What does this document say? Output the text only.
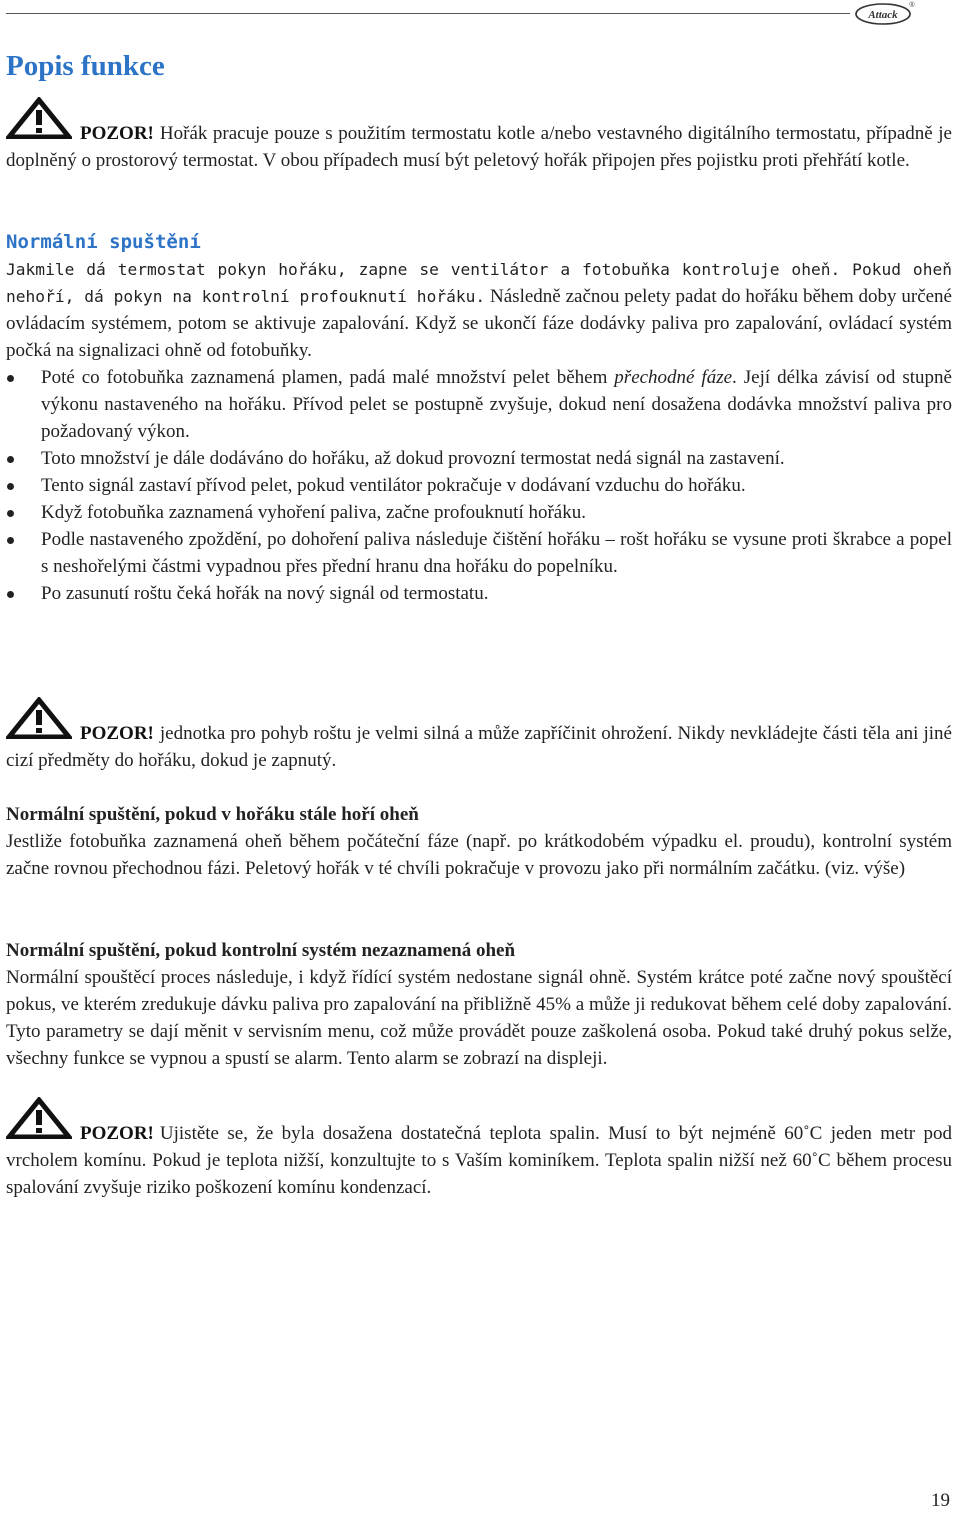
Attack
®
Popis funkce
POZOR! Hořák pracuje pouze s použitím termostatu kotle a/nebo vestavného digitálního termostatu, případně je doplněný o prostorový termostat. V obou případech musí být peletový hořák připojen přes pojistku proti přehřátí kotle.
Normální spuštění

Jakmile dá termostat pokyn hořáku, zapne se ventilátor a fotobuňka kontroluje oheň. Pokud oheň nehoří, dá pokyn na kontrolní profouknutí hořáku. Následně začnou pelety padat do hořáku během doby určené ovládacím systémem, potom se aktivuje zapalování. Když se ukončí fáze dodávky paliva pro zapalování, ovládací systém počká na signalizaci ohně od fotobuňky.

Poté co fotobuňka zaznamená plamen, padá malé množství pelet během přechodné fáze. Její délka závisí od stupně výkonu nastaveného na hořáku. Přívod pelet se postupně zvyšuje, dokud není dosažena dodávka množství paliva pro požadovaný výkon.
Toto množství je dále dodáváno do hořáku, až dokud provozní termostat nedá signál na zastavení.
Tento signál zastaví přívod pelet, pokud ventilátor pokračuje v dodávaní vzduchu do hořáku.
Když fotobuňka zaznamená vyhoření paliva, začne profouknutí hořáku.
Podle nastaveného zpoždění, po dohoření paliva následuje čištění hořáku – rošt hořáku se vysune proti škrabce a popel s neshořelými částmi vypadnou přes přední hranu dna hořáku do popelníku.
Po zasunutí roštu čeká hořák na nový signál od termostatu.
POZOR! jednotka pro pohyb roštu je velmi silná a může zapříčinit ohrožení. Nikdy nevkládejte části těla ani jiné cizí předměty do hořáku, dokud je zapnutý.
Normální spuštění, pokud v hořáku stále hoří oheň

Jestliže fotobuňka zaznamená oheň během počáteční fáze (např. po krátkodobém výpadku el. proudu), kontrolní systém začne rovnou přechodnou fázi. Peletový hořák v té chvíli pokračuje v provozu jako při normálním začátku. (viz. výše)

Normální spuštění, pokud kontrolní systém nezaznamená oheň

Normální spouštěcí proces následuje, i když řídící systém nedostane signál ohně. Systém krátce poté začne nový spouštěcí pokus, ve kterém zredukuje dávku paliva pro zapalování na přibližně 45% a může ji redukovat během celé doby zapalování. Tyto parametry se dají měnit v servisním menu, což může provádět pouze zaškolená osoba. Pokud také druhý pokus selže, všechny funkce se vypnou a spustí se alarm. Tento alarm se zobrazí na displeji.

POZOR! Ujistěte se, že byla dosažena dostatečná teplota spalin. Musí to být nejméně 60˚C jeden metr pod vrcholem komínu. Pokud je teplota nižší, konzultujte to s Vaším kominíkem. Teplota spalin nižší než 60˚C během procesu spalování zvyšuje riziko poškození komínu kondenzací.
19
